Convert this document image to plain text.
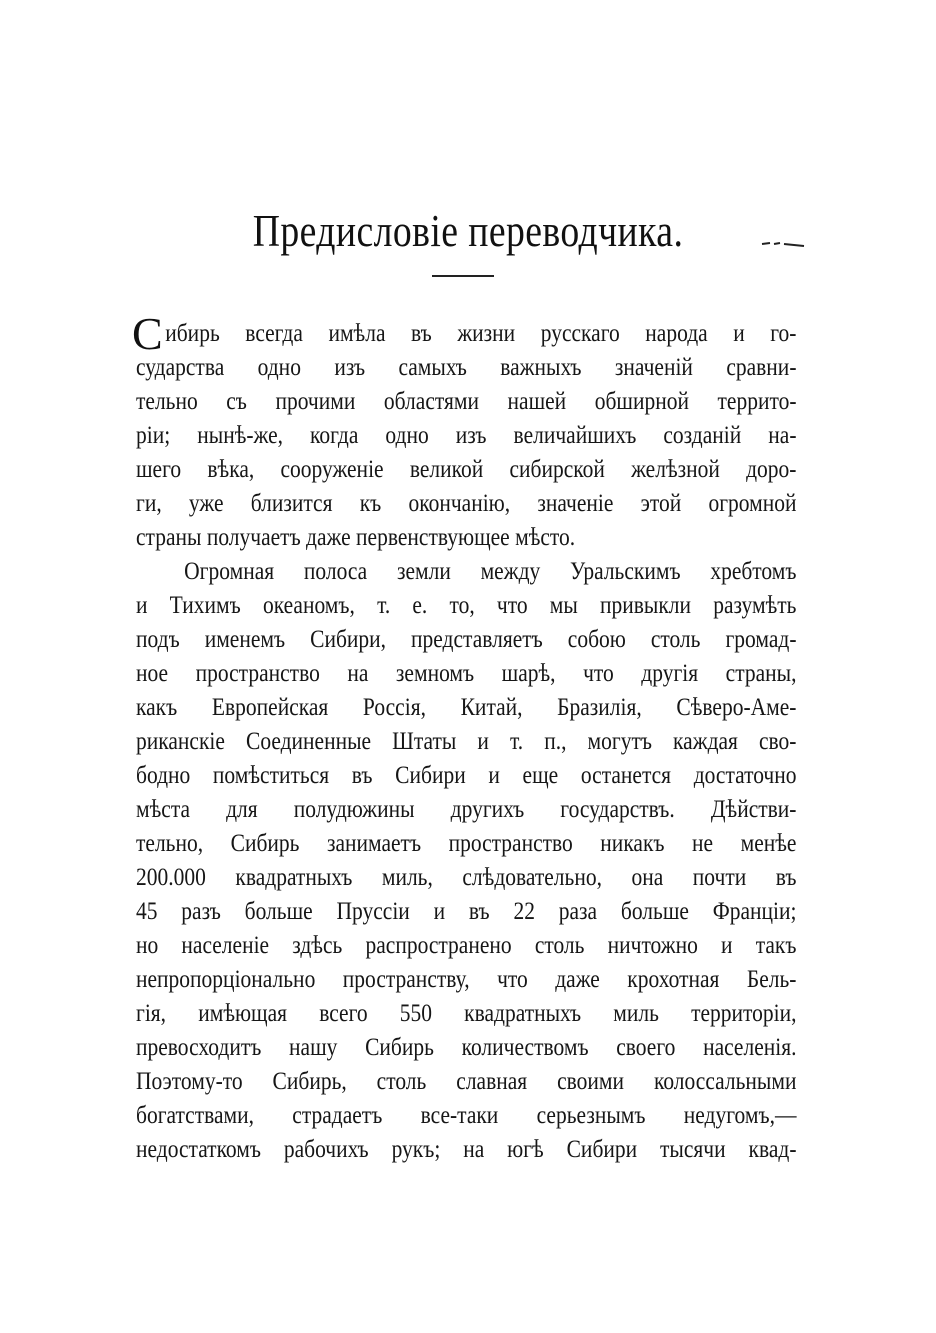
Предисловіе переводчика.
С ибирь всегда имѣла въ жизни русскаго народа и го-
сударства одно изъ самыхъ важныхъ значеній сравни-
тельно съ прочими областями нашей обширной террито-
ріи; нынѣ-же, когда одно изъ величайшихъ созданій на-
шего вѣка, сооруженіе великой сибирской желѣзной доро-
ги, уже близится къ окончанію, значеніе этой огромной
страны получаетъ даже первенствующее мѣсто.
Огромная полоса земли между Уральскимъ хребтомъ
и Тихимъ океаномъ, т. е. то, что мы привыкли разумѣть
подъ именемъ Сибири, представляетъ собою столь громад-
ное пространство на земномъ шарѣ, что другія страны,
какъ Европейская Россія, Китай, Бразилія, Сѣверо-Аме-
риканскіе Соединенные Штаты и т. п., могутъ каждая сво-
бодно помѣститься въ Сибири и еще останется достаточно
мѣста для полудюжины другихъ государствъ. Дѣйстви-
тельно, Сибирь занимаетъ пространство никакъ не менѣе
200.000 квадратныхъ миль, слѣдовательно, она почти въ
45 разъ больше Пруссіи и въ 22 раза больше Франціи;
но населеніе здѣсь распространено столь ничтожно и такъ
непропорціонально пространству, что даже крохотная Бель-
гія, имѣющая всего 550 квадратныхъ миль территоріи,
превосходитъ нашу Сибирь количествомъ своего населенія.
Поэтому-то Сибирь, столь славная своими колоссальными
богатствами, страдаетъ все-таки серьезнымъ недугомъ,—
недостаткомъ рабочихъ рукъ; на югѣ Сибири тысячи квад-
